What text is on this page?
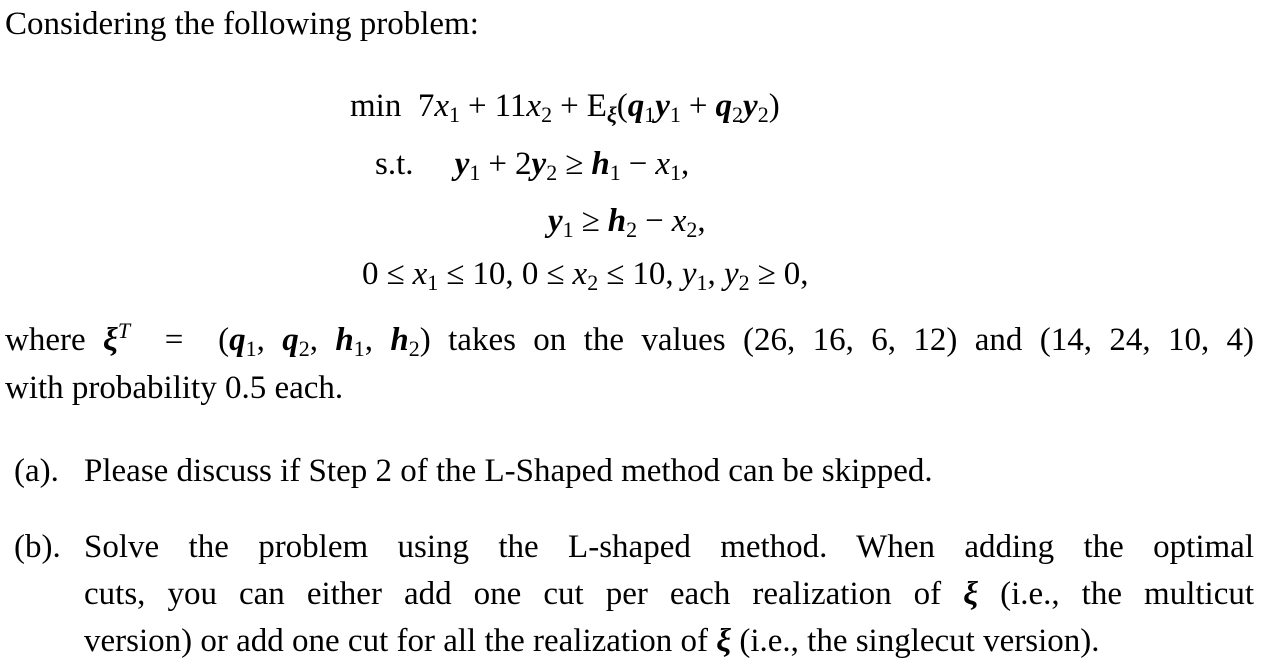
Considering the following problem:
$\min 7x_1 + 11x_2 + E_\xi(q_1y_1 + q_2y_2)$
s.t. $y_1 + 2y_2 \ge h_1 - x_1$,
$y_1 \ge h_2 - x_2$,
$0 \le x_1 \le 10$, $0 \le x_2 \le 10$, $y_1$, $y_2 \ge 0$,
where $\xi^T = (q_1$, $q_2$, $h_1$, $h_2$) takes on the values (26, 16, 6, 12) and (14, 24, 10, 4)
with probability 0.5 each.
(a). Please discuss if Step 2 of the L-Shaped method can be skipped.
(b). Solve the problem using the L-shaped method. When adding the optimal
cuts, you can either add one cut per each realization of ξ (i.e., the multicut
version) or add one cut for all the realization of ξ (i.e., the singlecut version).
